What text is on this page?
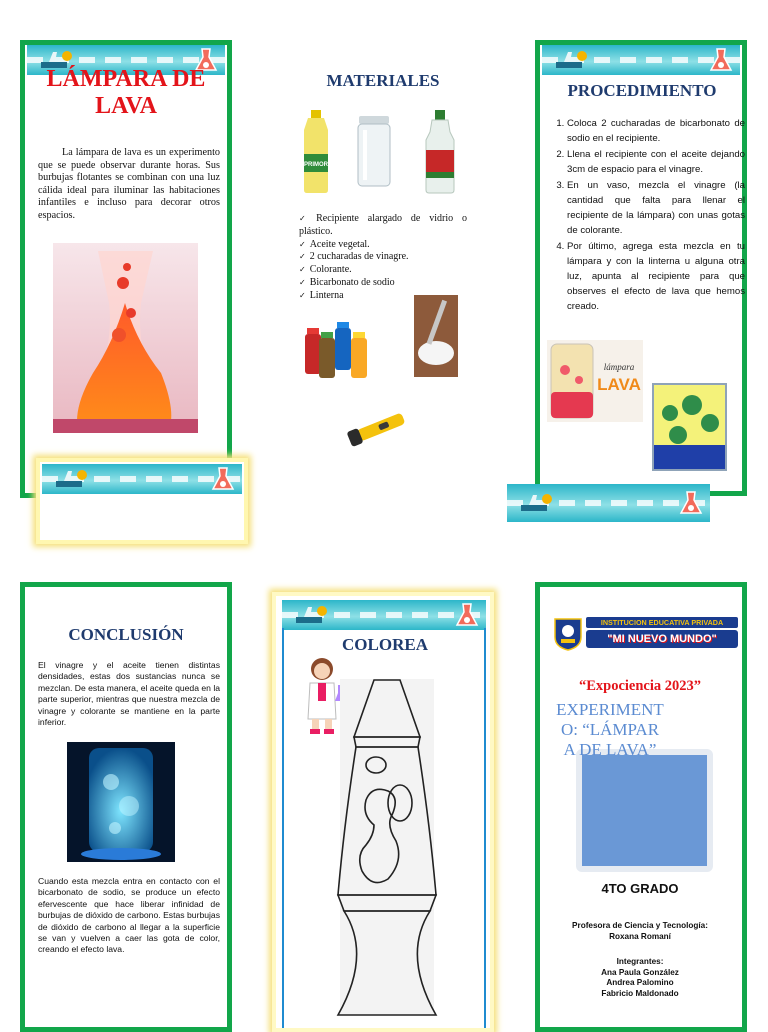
LÁMPARA DE
LAVA
La lámpara de lava es un experimento que se puede observar durante horas. Sus burbujas flotantes se combinan con una luz cálida ideal para iluminar las habitaciones infantiles e incluso para decorar otros espacios.
MATERIALES
PRIMOR
✓ Recipiente alargado de vidrio o plástico.
✓ Aceite vegetal.
✓ 2 cucharadas de vinagre.
✓ Colorante.
✓ Bicarbonato de sodio
✓ Linterna
PROCEDIMIENTO
1. Coloca 2 cucharadas de bicarbonato de sodio en el recipiente.
2. Llena el recipiente con el aceite dejando 3cm de espacio para el vinagre.
3. En un vaso, mezcla el vinagre (la cantidad que falta para llenar el recipiente de la lámpara) con unas gotas de colorante.
4. Por último, agrega esta mezcla en tu lámpara y con la linterna u alguna otra luz, apunta al recipiente para que observes el efecto de lava que hemos creado.
lámpara
LAVA
CONCLUSIÓN
El vinagre y el aceite tienen distintas densidades, estas dos sustancias nunca se mezclan. De esta manera, el aceite queda en la parte superior, mientras que nuestra mezcla de vinagre y colorante se mantiene en la parte inferior.
Cuando esta mezcla entra en contacto con el bicarbonato de sodio, se produce un efecto efervescente que hace liberar infinidad de burbujas de dióxido de carbono. Estas burbujas de dióxido de carbono al llegar a la superficie se van y vuelven a caer las gota de color, creando el efecto lava.
COLOREA
INSTITUCION EDUCATIVA PRIVADA
"MI NUEVO MUNDO"
“Expociencia 2023”
EXPERIMENTO: “LÁMPARA DE LAVA”
4TO GRADO
Profesora de Ciencia y Tecnología:
Roxana Romaní
Integrantes:
Ana Paula González
Andrea Palomino
Fabricio Maldonado
